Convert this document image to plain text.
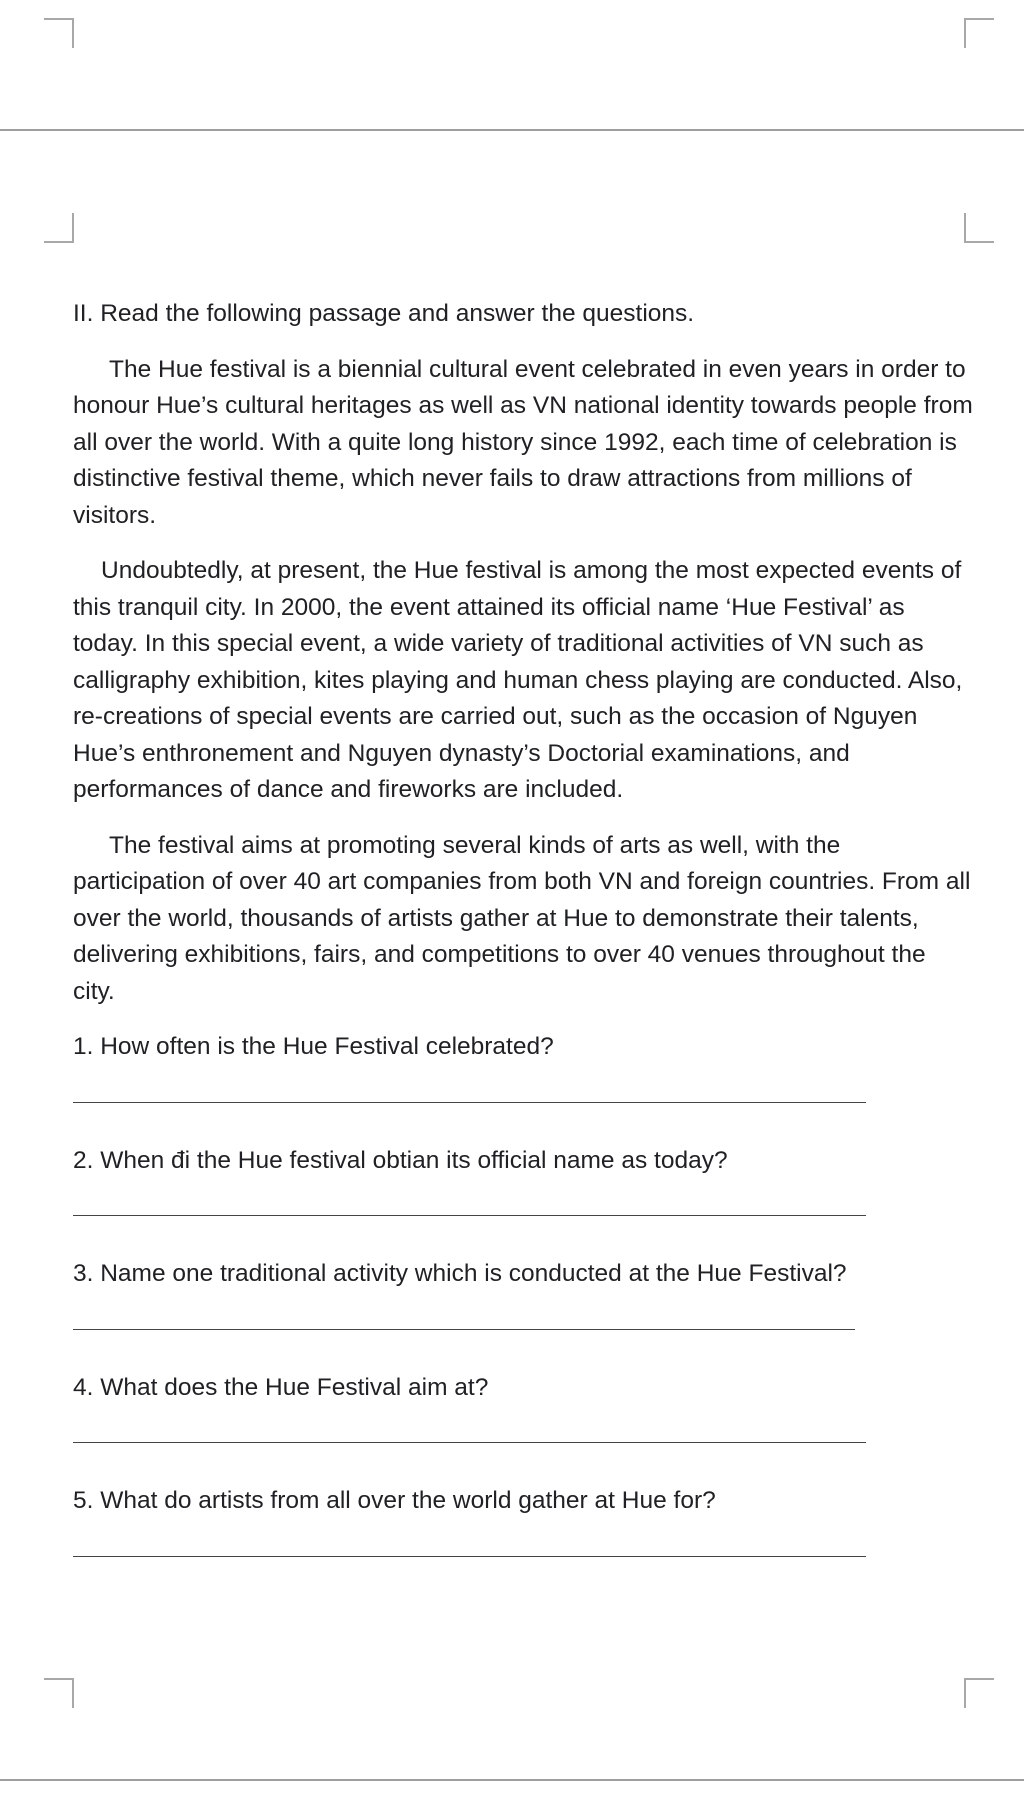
II. Read the following passage and answer the questions.

The Hue festival is a biennial cultural event celebrated in even years in order to honour Hue’s cultural heritages as well as VN national identity towards people from all over the world. With a quite long history since 1992, each time of celebration is distinctive festival theme, which never fails to draw attractions from millions of visitors.

Undoubtedly, at present, the Hue festival is among the most expected events of this tranquil city. In 2000, the event attained its official name ‘Hue Festival’ as today. In this special event, a wide variety of traditional activities of VN such as calligraphy exhibition, kites playing and human chess playing are conducted. Also, re-creations of special events are carried out, such as the occasion of Nguyen Hue’s enthronement and Nguyen dynasty’s Doctorial examinations, and performances of dance and fireworks are included.

The festival aims at promoting several kinds of arts as well, with the participation of over 40 art companies from both VN and foreign countries. From all over the world, thousands of artists gather at Hue to demonstrate their talents, delivering exhibitions, fairs, and competitions to over 40 venues throughout the city.

1. How often is the Hue Festival celebrated?

2. When đi the Hue festival obtian its official name as today?

3. Name one traditional activity which is conducted at the Hue Festival?

4. What does the Hue Festival aim at?

5. What do artists from all over the world gather at Hue for?
